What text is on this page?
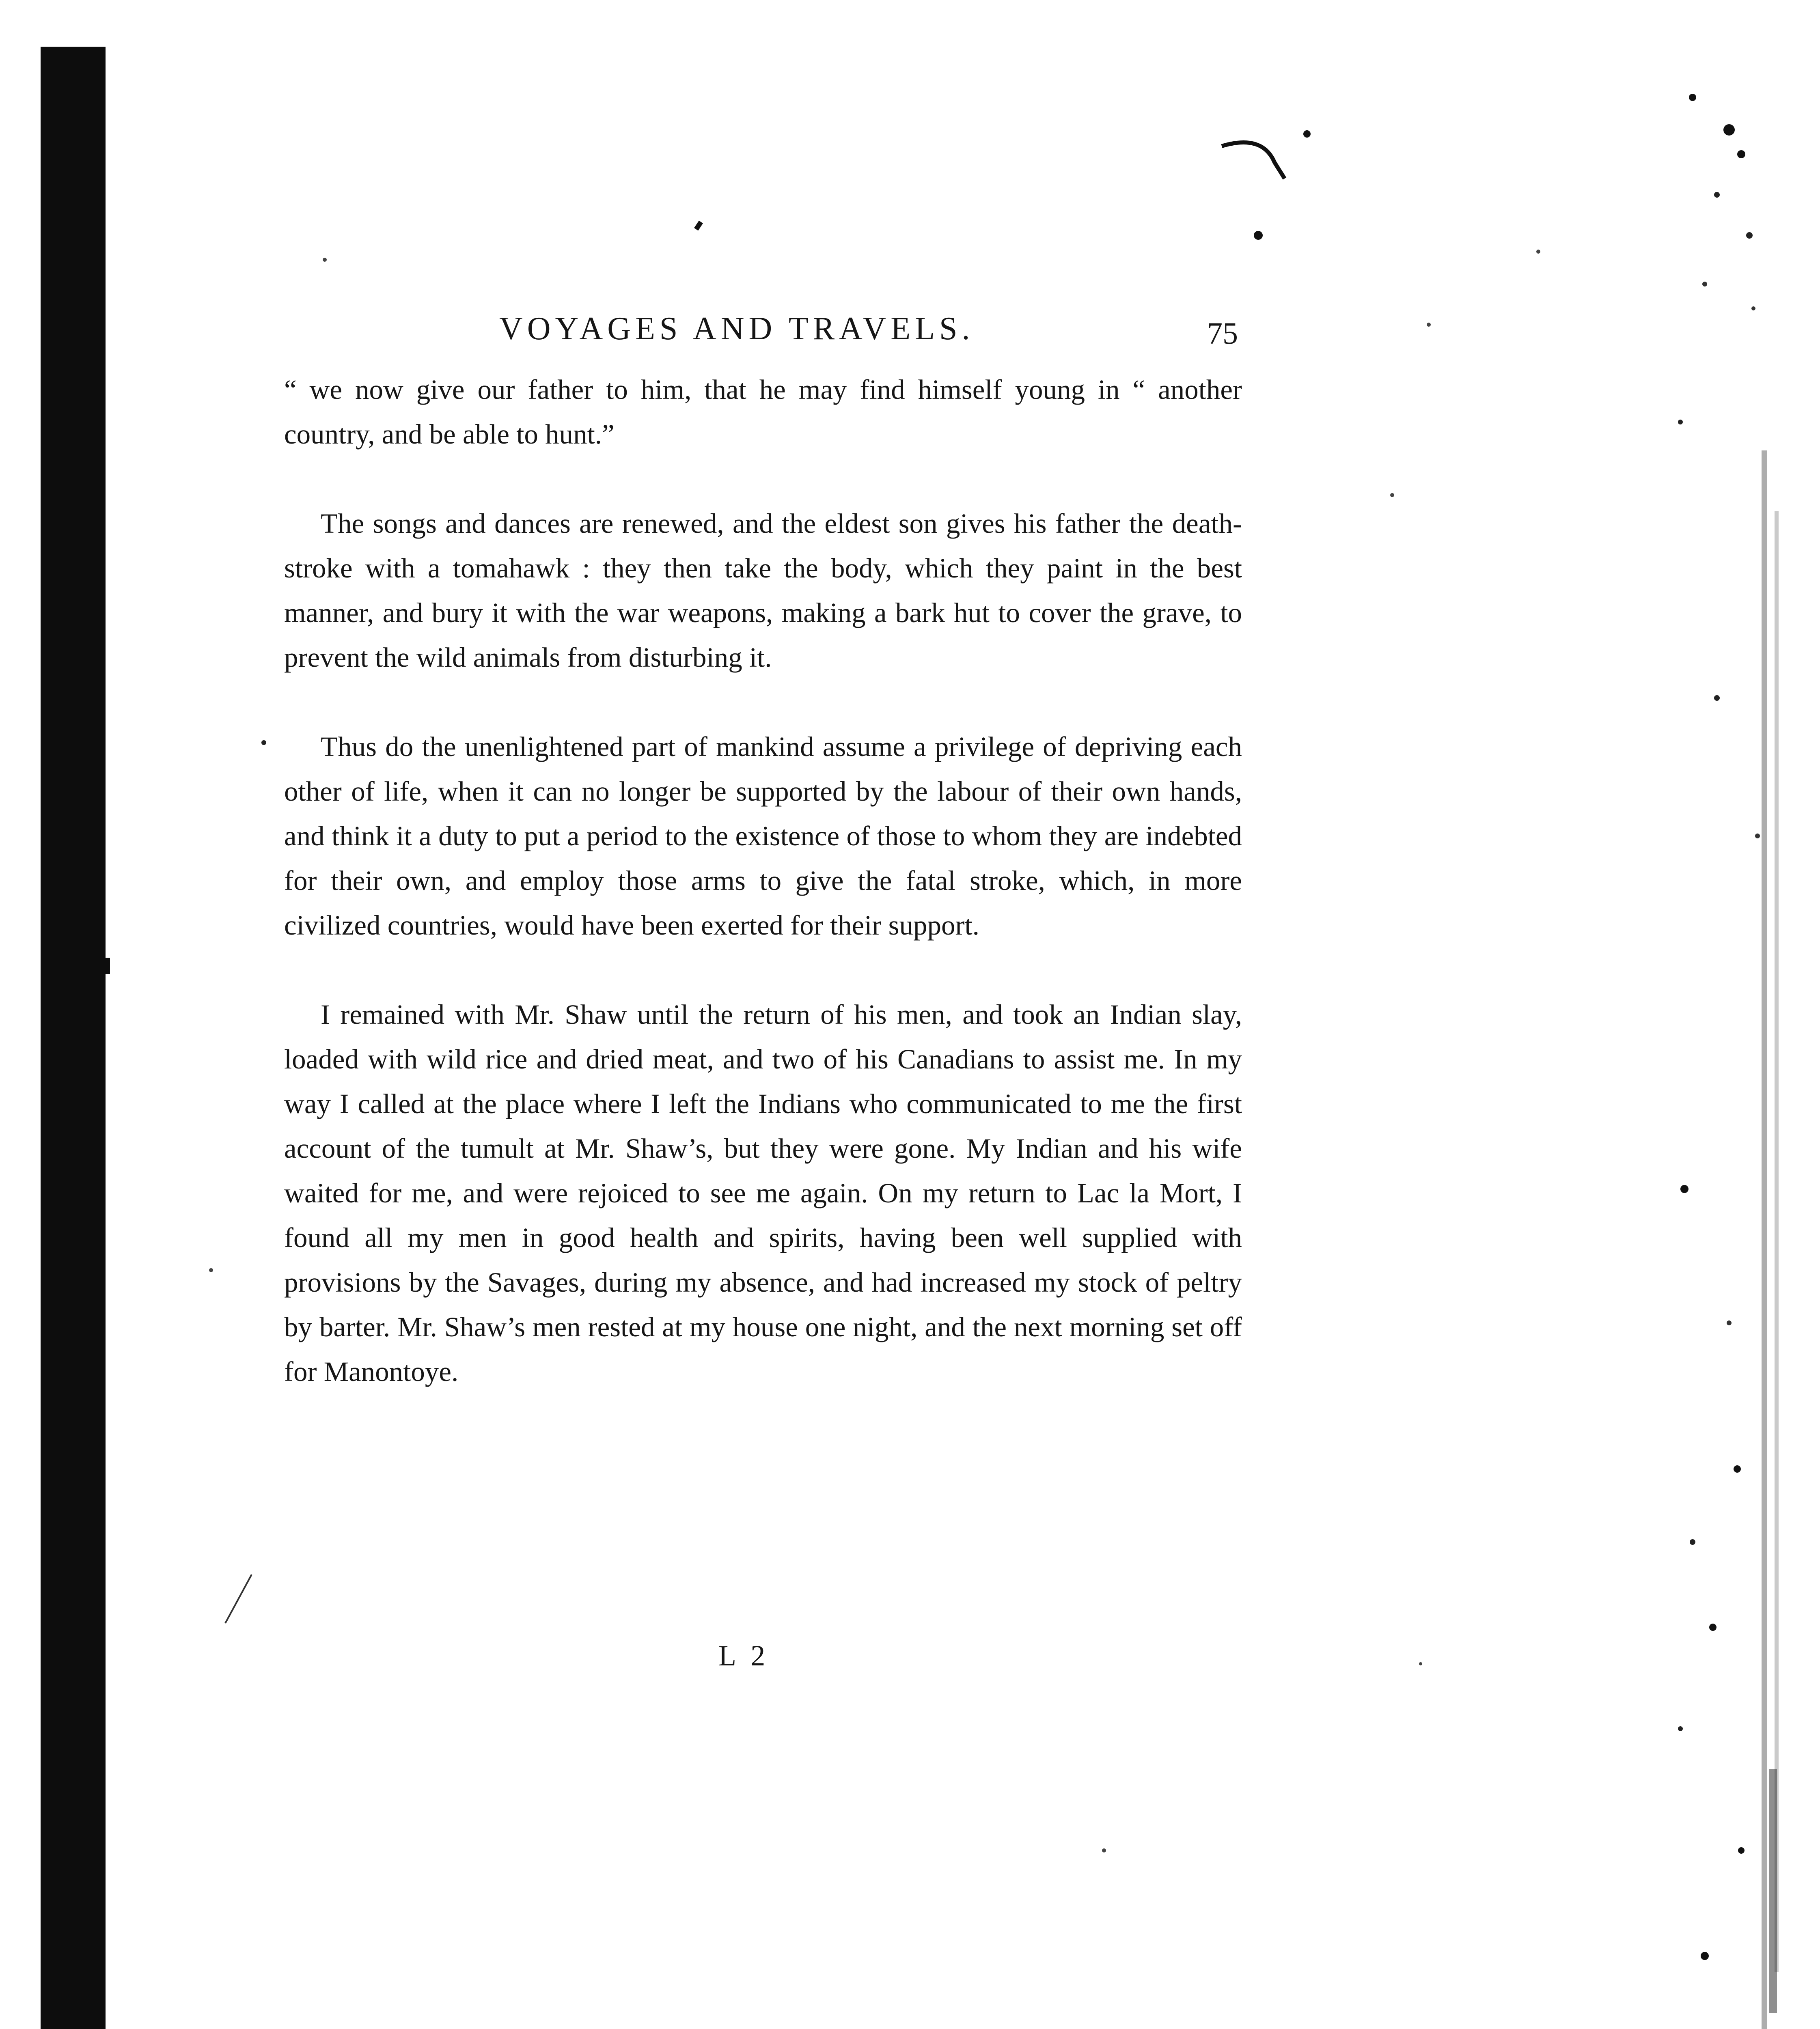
VOYAGES AND TRAVELS.	75

“ we now give our father to him, that he may find himself young in “ another country, and be able to hunt.”

The songs and dances are renewed, and the eldest son gives his father the death-stroke with a tomahawk : they then take the body, which they paint in the best manner, and bury it with the war weapons, making a bark hut to cover the grave, to prevent the wild animals from disturbing it.

Thus do the unenlightened part of mankind assume a privilege of depriving each other of life, when it can no longer be supported by the labour of their own hands, and think it a duty to put a period to the existence of those to whom they are indebted for their own, and employ those arms to give the fatal stroke, which, in more civilized countries, would have been exerted for their support.

I remained with Mr. Shaw until the return of his men, and took an Indian slay, loaded with wild rice and dried meat, and two of his Canadians to assist me. In my way I called at the place where I left the Indians who communicated to me the first account of the tumult at Mr. Shaw’s, but they were gone. My Indian and his wife waited for me, and were rejoiced to see me again. On my return to Lac la Mort, I found all my men in good health and spirits, having been well supplied with provisions by the Savages, during my absence, and had increased my stock of peltry by barter. Mr. Shaw’s men rested at my house one night, and the next morning set off for Manontoye.

L 2
